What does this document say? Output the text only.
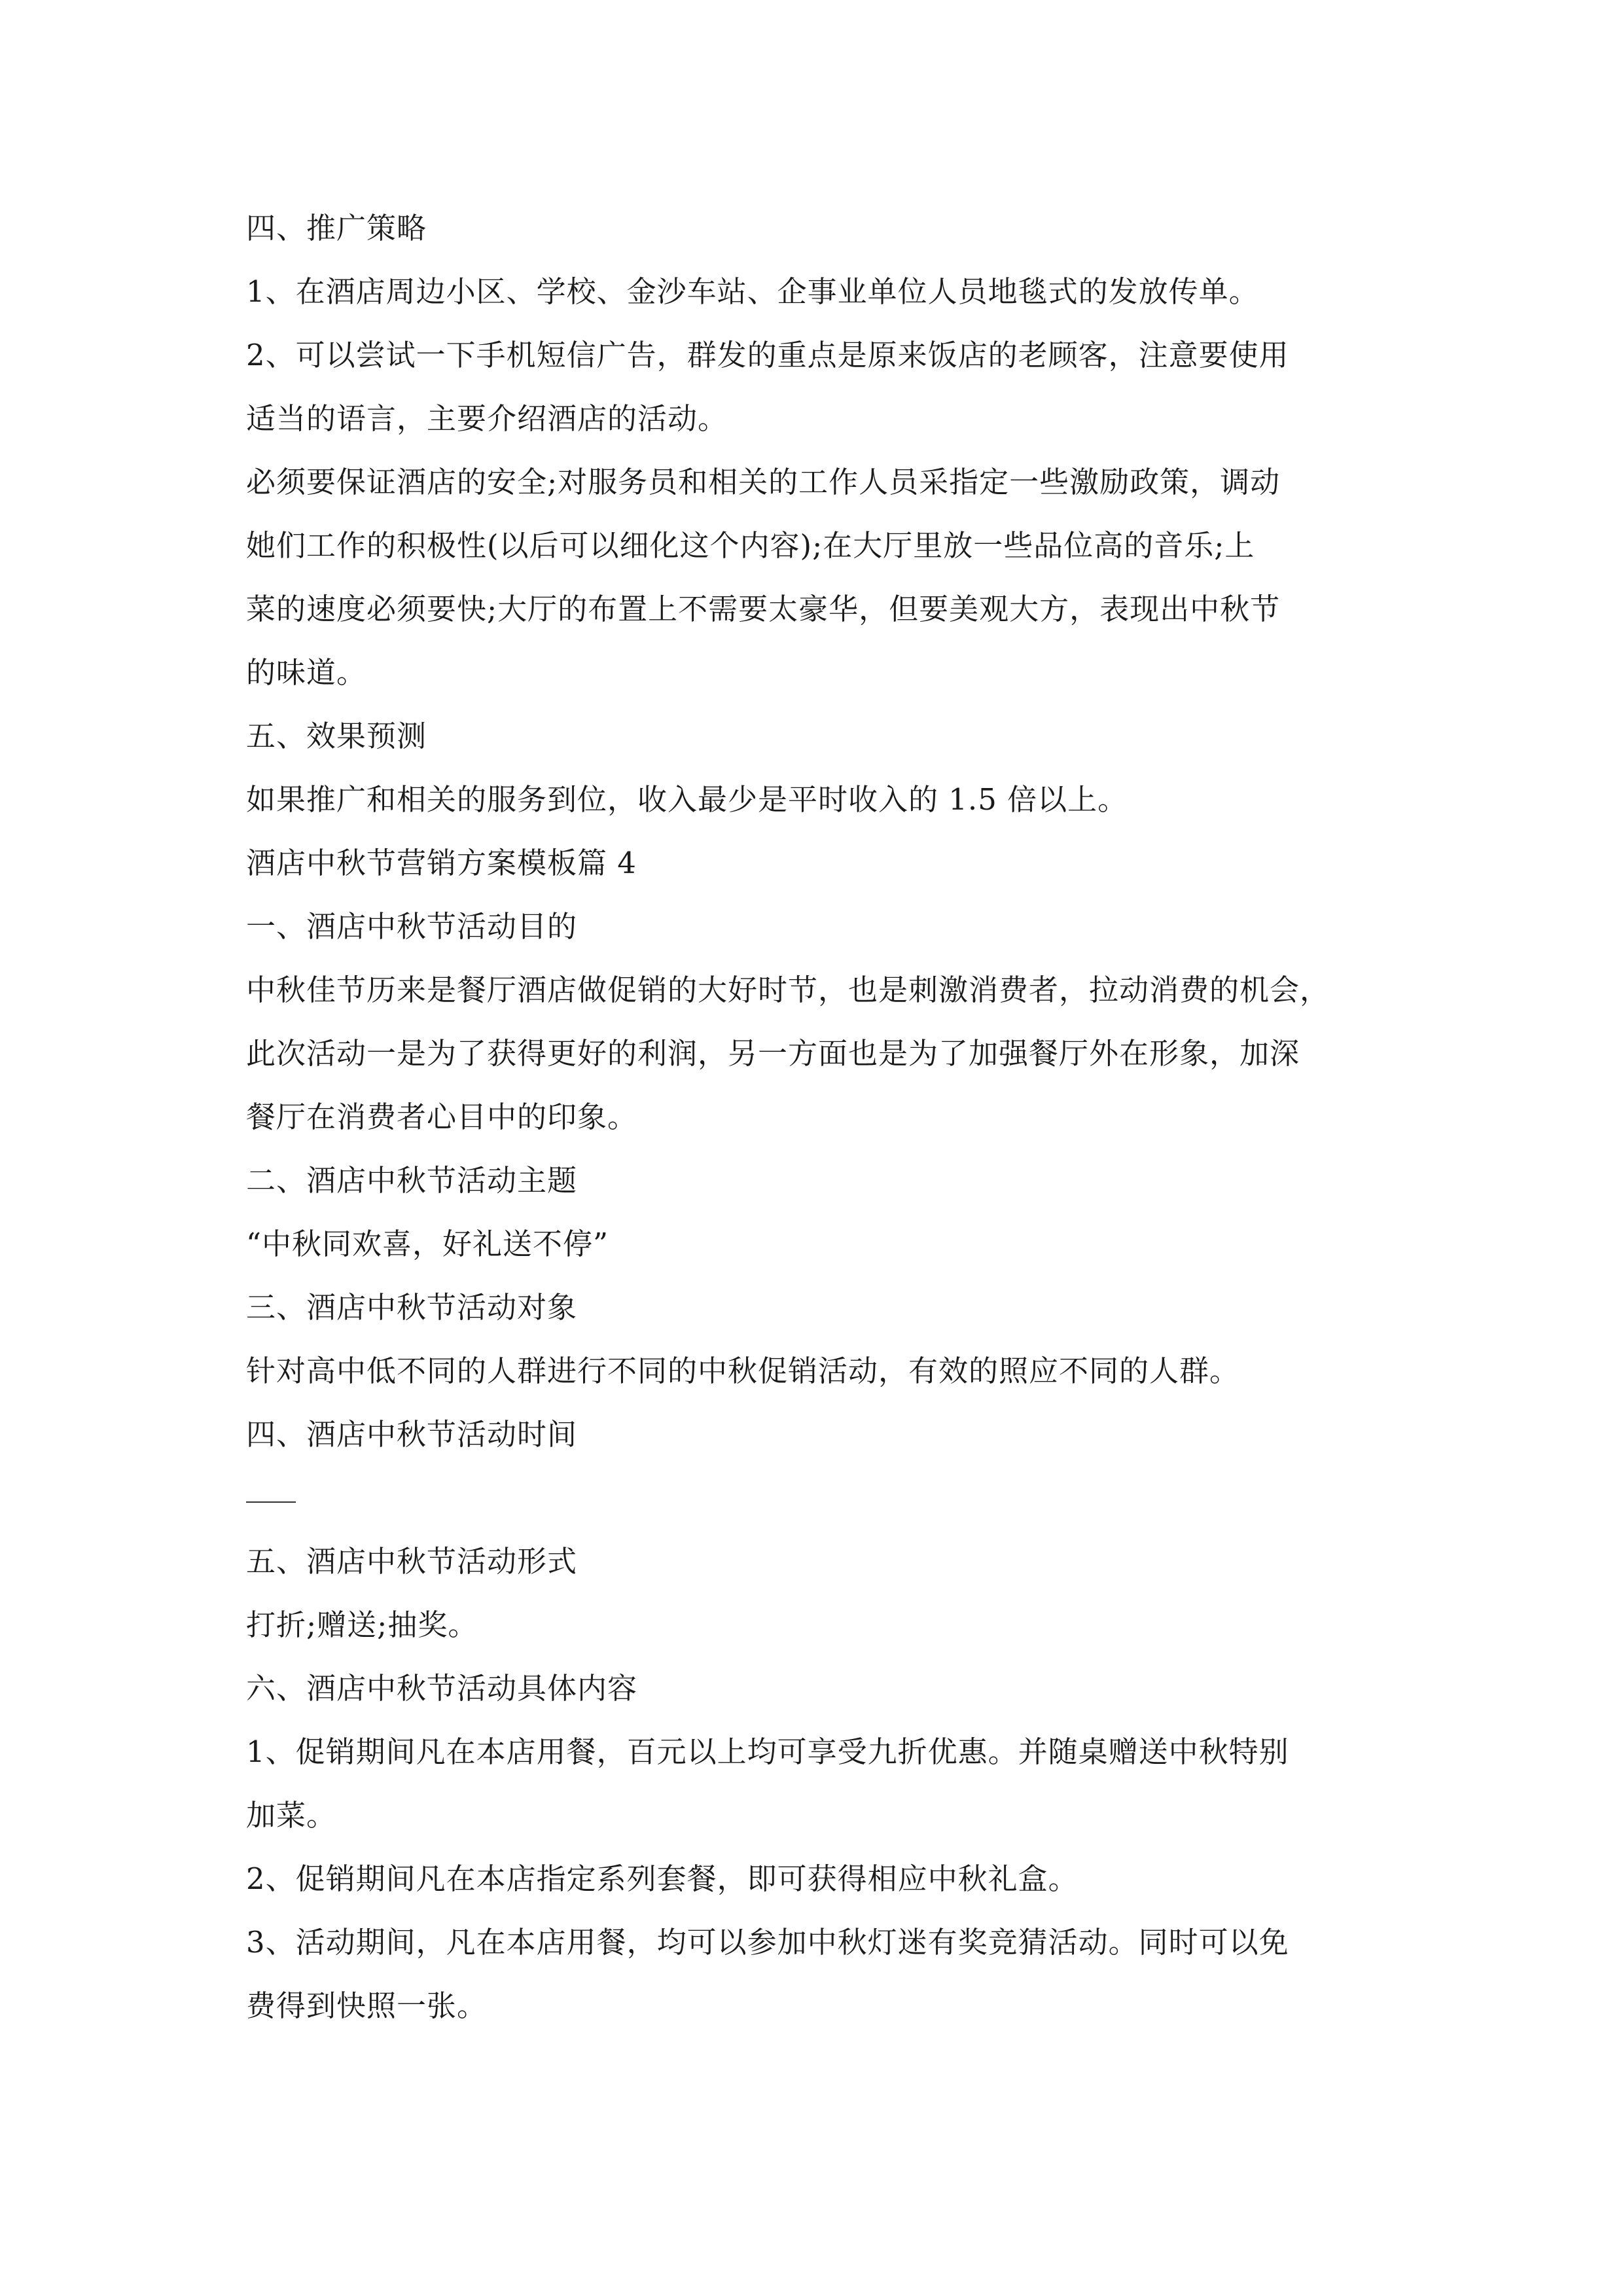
四、推广策略
1、在酒店周边小区、学校、金沙车站、企事业单位人员地毯式的发放传单。
2、可以尝试一下手机短信广告，群发的重点是原来饭店的老顾客，注意要使用
适当的语言，主要介绍酒店的活动。
必须要保证酒店的安全;对服务员和相关的工作人员采指定一些激励政策，调动
她们工作的积极性(以后可以细化这个内容);在大厅里放一些品位高的音乐;上
菜的速度必须要快;大厅的布置上不需要太豪华，但要美观大方，表现出中秋节
的味道。
五、效果预测
如果推广和相关的服务到位，收入最少是平时收入的 1.5 倍以上。
酒店中秋节营销方案模板篇 4
一、酒店中秋节活动目的
中秋佳节历来是餐厅酒店做促销的大好时节，也是刺激消费者，拉动消费的机会，
此次活动一是为了获得更好的利润，另一方面也是为了加强餐厅外在形象，加深
餐厅在消费者心目中的印象。
二、酒店中秋节活动主题
“中秋同欢喜，好礼送不停”
三、酒店中秋节活动对象
针对高中低不同的人群进行不同的中秋促销活动，有效的照应不同的人群。
四、酒店中秋节活动时间
五、酒店中秋节活动形式
打折;赠送;抽奖。
六、酒店中秋节活动具体内容
1、促销期间凡在本店用餐，百元以上均可享受九折优惠。并随桌赠送中秋特别
加菜。
2、促销期间凡在本店指定系列套餐，即可获得相应中秋礼盒。
3、活动期间，凡在本店用餐，均可以参加中秋灯迷有奖竞猜活动。同时可以免
费得到快照一张。
